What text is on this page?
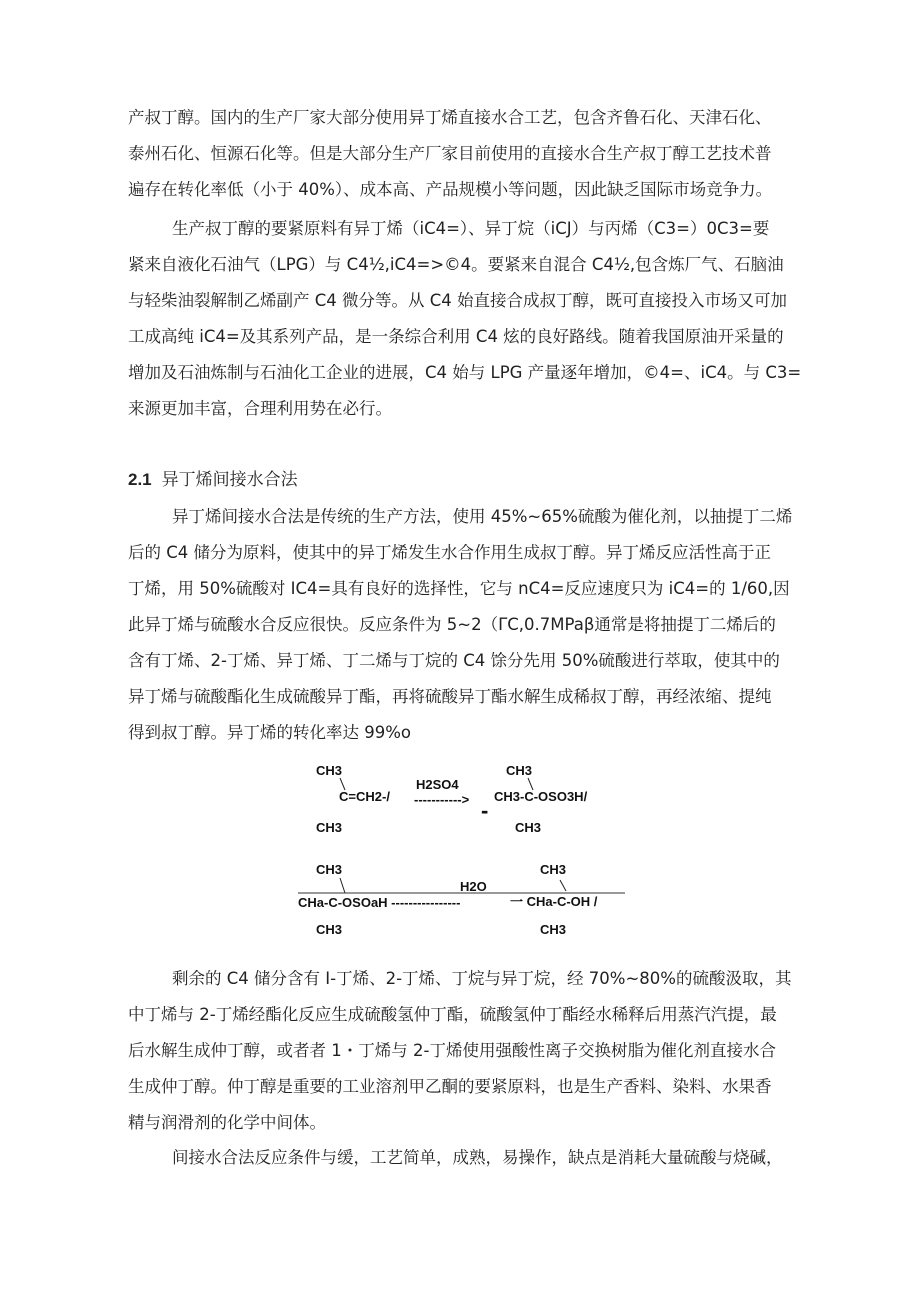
产叔丁醇。国内的生产厂家大部分使用异丁烯直接水合工艺，包含齐鲁石化、天津石化、
泰州石化、恒源石化等。但是大部分生产厂家目前使用的直接水合生产叔丁醇工艺技术普
遍存在转化率低（小于 40%）、成本高、产品规模小等问题，因此缺乏国际市场竞争力。
生产叔丁醇的要紧原料有异丁烯（iC4=）、异丁烷（iCJ）与丙烯（C3=）0C3=要
紧来自液化石油气（LPG）与 C4½,iC4=>©4。要紧来自混合 C4½,包含炼厂气、石脑油
与轻柴油裂解制乙烯副产 C4 微分等。从 C4 始直接合成叔丁醇，既可直接投入市场又可加
工成高纯 iC4=及其系列产品，是一条综合利用 C4 炫的良好路线。随着我国原油开采量的
增加及石油炼制与石油化工企业的进展，C4 始与 LPG 产量逐年增加，©4=、iC4。与 C3=
来源更加丰富，合理利用势在必行。
2.1 异丁烯间接水合法
异丁烯间接水合法是传统的生产方法，使用 45%~65%硫酸为催化剂，以抽提丁二烯
后的 C4 储分为原料，使其中的异丁烯发生水合作用生成叔丁醇。异丁烯反应活性高于正
丁烯，用 50%硫酸对 IC4=具有良好的选择性，它与 nC4=反应速度只为 iC4=的 1/60,因
此异丁烯与硫酸水合反应很快。反应条件为 5~2（ΓC,0.7MPaβ通常是将抽提丁二烯后的
含有丁烯、2-丁烯、异丁烯、丁二烯与丁烷的 C4 馀分先用 50%硫酸进行萃取，使其中的
异丁烯与硫酸酯化生成硫酸异丁酯，再将硫酸异丁酯水解生成稀叔丁醇，再经浓缩、提纯
得到叔丁醇。异丁烯的转化率达 99%o
CH3
C=CH2-/
CH3
H2SO4
-----------> CH3-C-OSO3H/
CH3
CH3
-
CH3
CHa-C-OSOaH ----------------
CH3
H2O
一 CHa-C-OH /
CH3
CH3
剩余的 C4 储分含有 I-丁烯、2-丁烯、丁烷与异丁烷，经 70%~80%的硫酸汲取，其
中丁烯与 2-丁烯经酯化反应生成硫酸氢仲丁酯，硫酸氢仲丁酯经水稀释后用蒸汽汽提，最
后水解生成仲丁醇，或者者 1・丁烯与 2-丁烯使用强酸性离子交换树脂为催化剂直接水合
生成仲丁醇。仲丁醇是重要的工业溶剂甲乙酮的要紧原料，也是生产香料、染料、水果香
精与润滑剂的化学中间体。
间接水合法反应条件与缓，工艺简单，成熟，易操作，缺点是消耗大量硫酸与烧碱，
